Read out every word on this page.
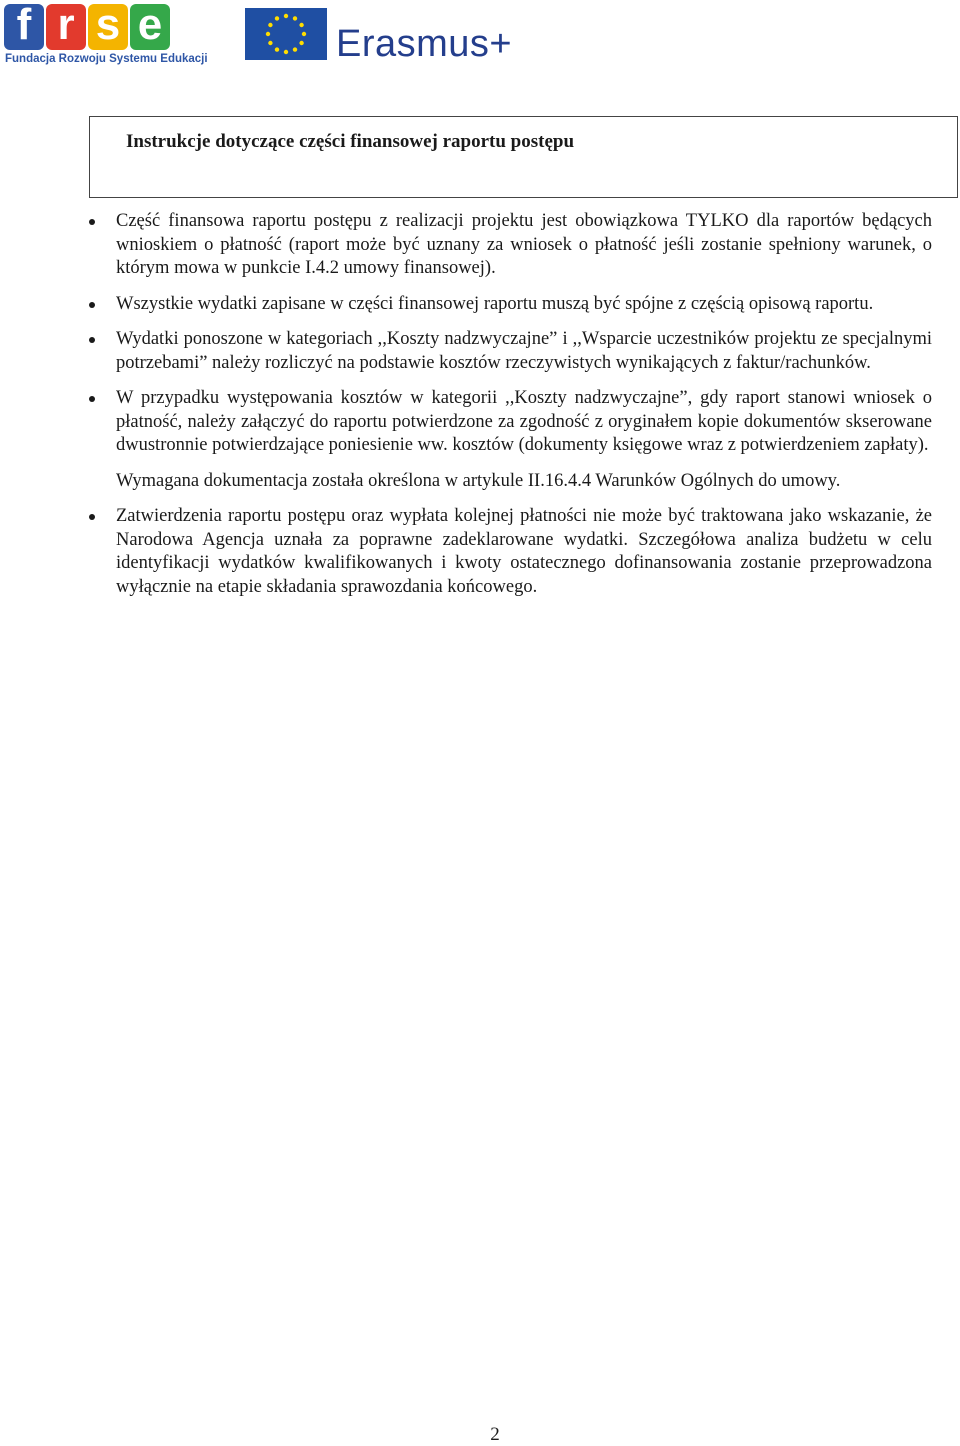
f r s e
Fundacja Rozwoju Systemu Edukacji	Erasmus+
Instrukcje dotyczące części finansowej raportu postępu
Część finansowa raportu postępu z realizacji projektu jest obowiązkowa TYLKO dla raportów będących wnioskiem o płatność (raport może być uznany za wniosek o płatność jeśli zostanie spełniony warunek, o którym mowa w punkcie I.4.2 umowy finansowej).
Wszystkie wydatki zapisane w części finansowej raportu muszą być spójne z częścią opisową raportu.
Wydatki ponoszone w kategoriach ,,Koszty nadzwyczajne” i ,,Wsparcie uczestników projektu ze specjalnymi potrzebami” należy rozliczyć na podstawie kosztów rzeczywistych wynikających z faktur/rachunków.
W przypadku występowania kosztów w kategorii ,,Koszty nadzwyczajne”, gdy raport stanowi wniosek o płatność, należy załączyć do raportu potwierdzone za zgodność z oryginałem kopie dokumentów skserowane dwustronnie potwierdzające poniesienie ww. kosztów (dokumenty księgowe wraz z potwierdzeniem zapłaty).
Wymagana dokumentacja została określona w artykule II.16.4.4 Warunków Ogólnych do umowy.
Zatwierdzenia raportu postępu oraz wypłata kolejnej płatności nie może być traktowana jako wskazanie, że Narodowa Agencja uznała za poprawne zadeklarowane wydatki. Szczegółowa analiza budżetu w celu identyfikacji wydatków kwalifikowanych i kwoty ostatecznego dofinansowania zostanie przeprowadzona wyłącznie na etapie składania sprawozdania końcowego.
2
